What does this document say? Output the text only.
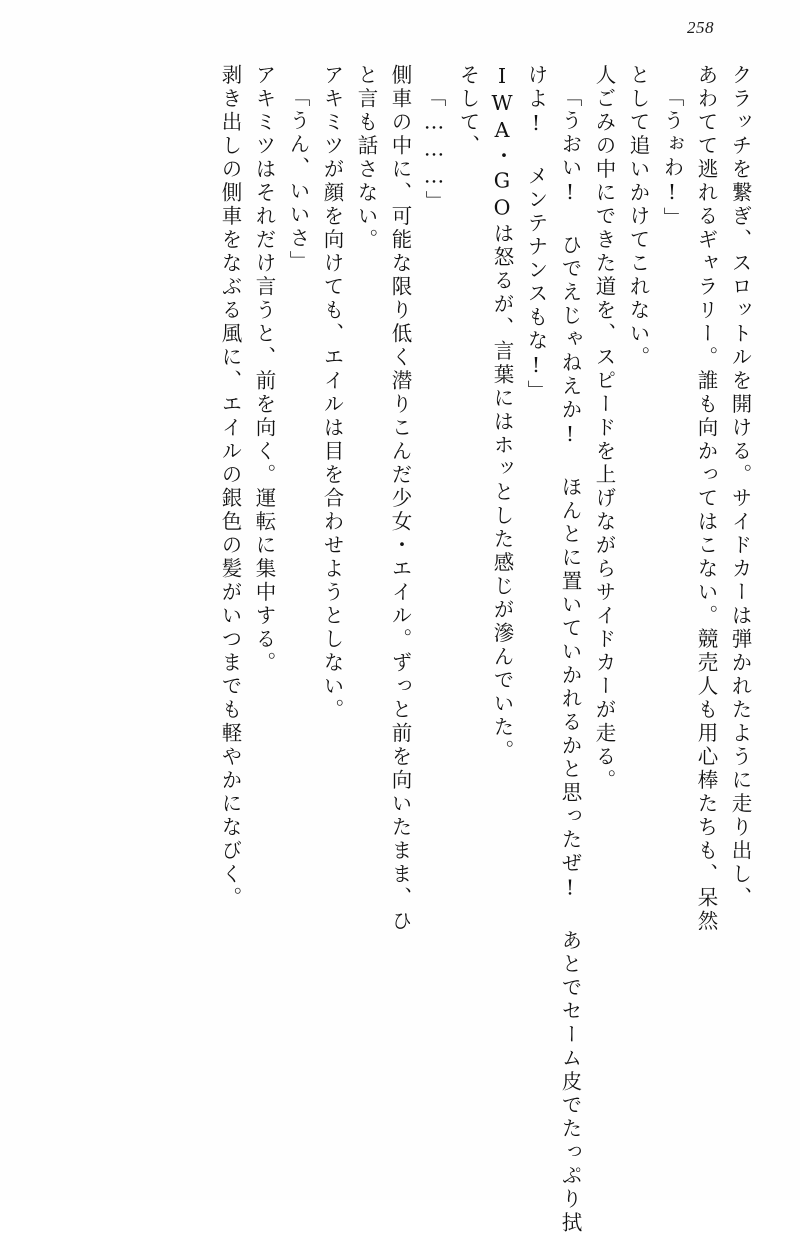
258
クラッチを繋ぎ、スロットルを開ける。サイドカーは弾かれたように走り出し、
あわてて逃れるギャラリー。誰も向かってはこない。競売人も用心棒たちも、呆然
「うぉわ!」
として追いかけてこれない。
人ごみの中にできた道を、スピードを上げながらサイドカーが走る。
「うおい! ひでえじゃねえか! ほんとに置いていかれるかと思ったぜ! あとでセーム皮でたっぷり拭
けよ! メンテナンスもな!」
IWA・GOは怒るが、言葉にはホッとした感じが滲んでいた。
そして、
「………」
側車の中に、可能な限り低く潜りこんだ少女・エイル。ずっと前を向いたまま、ひ
と言も話さない。
アキミツが顔を向けても、エイルは目を合わせようとしない。
「うん、いいさ」
アキミツはそれだけ言うと、前を向く。運転に集中する。
剥き出しの側車をなぶる風に、エイルの銀色の髪がいつまでも軽やかになびく。
